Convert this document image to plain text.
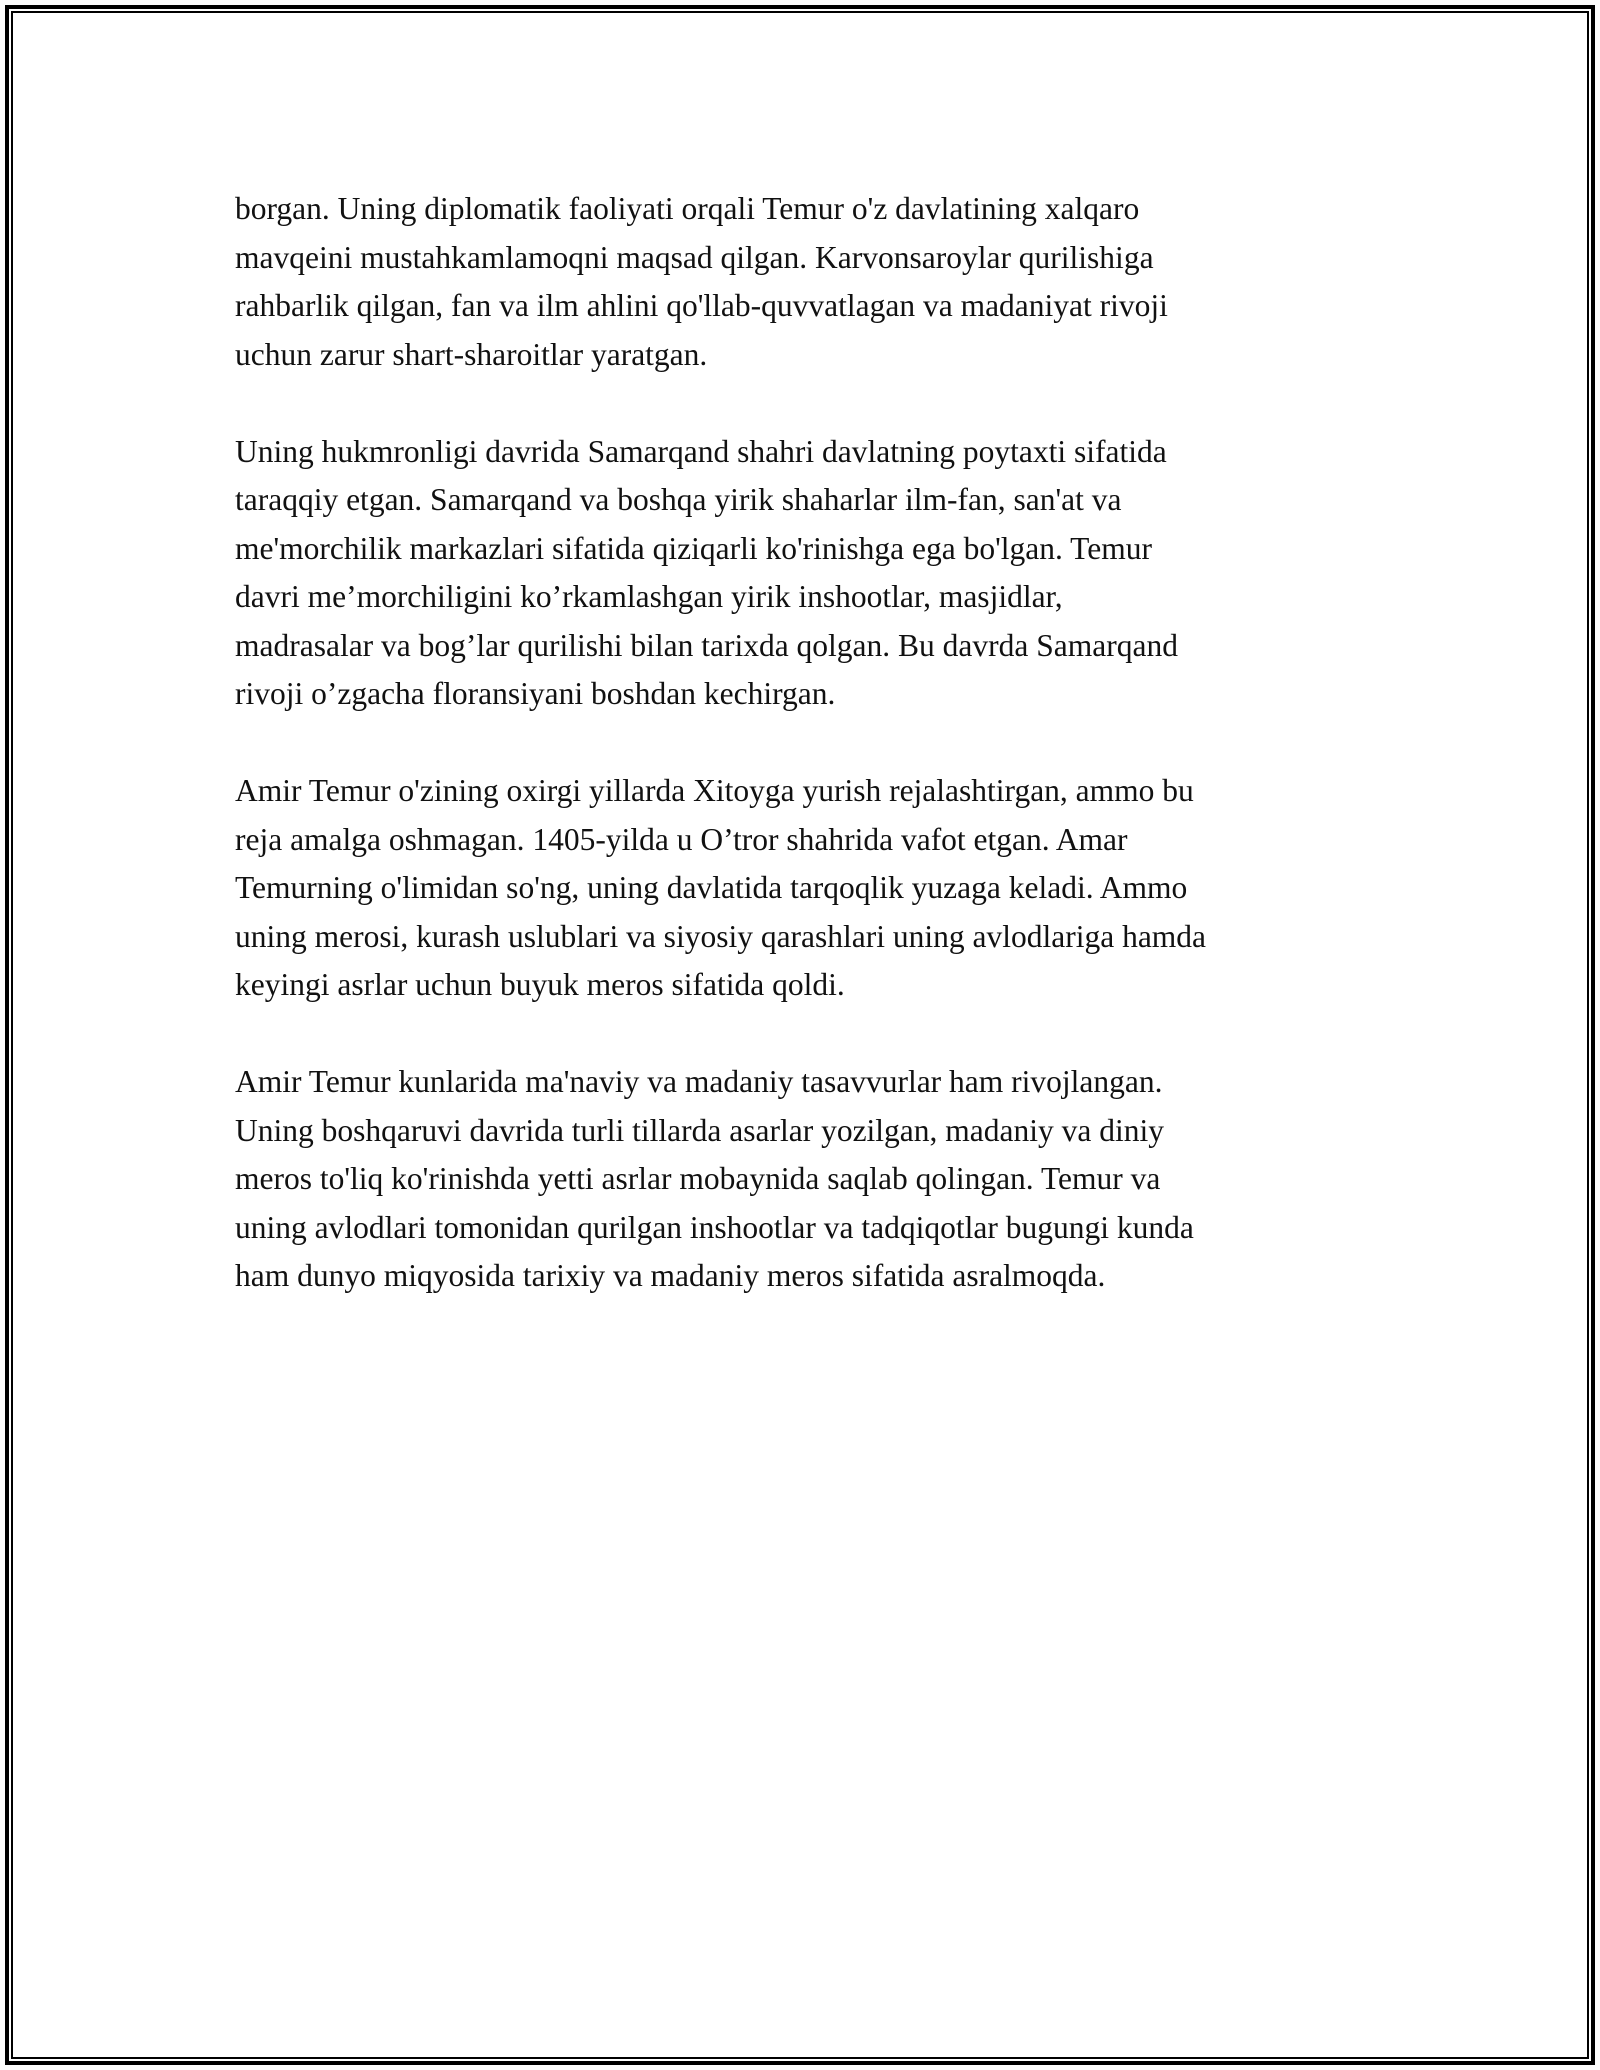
borgan. Uning diplomatik faoliyati orqali Temur o'z davlatining xalqaro
mavqeini mustahkamlamoqni maqsad qilgan. Karvonsaroylar qurilishiga
rahbarlik qilgan, fan va ilm ahlini qo'llab-quvvatlagan va madaniyat rivoji
uchun zarur shart-sharoitlar yaratgan.

Uning hukmronligi davrida Samarqand shahri davlatning poytaxti sifatida
taraqqiy etgan. Samarqand va boshqa yirik shaharlar ilm-fan, san'at va
me'morchilik markazlari sifatida qiziqarli ko'rinishga ega bo'lgan. Temur
davri me’morchiligini ko’rkamlashgan yirik inshootlar, masjidlar,
madrasalar va bog’lar qurilishi bilan tarixda qolgan. Bu davrda Samarqand
rivoji o’zgacha floransiyani boshdan kechirgan.

Amir Temur o'zining oxirgi yillarda Xitoyga yurish rejalashtirgan, ammo bu
reja amalga oshmagan. 1405-yilda u O’tror shahrida vafot etgan. Amar
Temurning o'limidan so'ng, uning davlatida tarqoqlik yuzaga keladi. Ammo
uning merosi, kurash uslublari va siyosiy qarashlari uning avlodlariga hamda
keyingi asrlar uchun buyuk meros sifatida qoldi.

Amir Temur kunlarida ma'naviy va madaniy tasavvurlar ham rivojlangan.
Uning boshqaruvi davrida turli tillarda asarlar yozilgan, madaniy va diniy
meros to'liq ko'rinishda yetti asrlar mobaynida saqlab qolingan. Temur va
uning avlodlari tomonidan qurilgan inshootlar va tadqiqotlar bugungi kunda
ham dunyo miqyosida tarixiy va madaniy meros sifatida asralmoqda.
